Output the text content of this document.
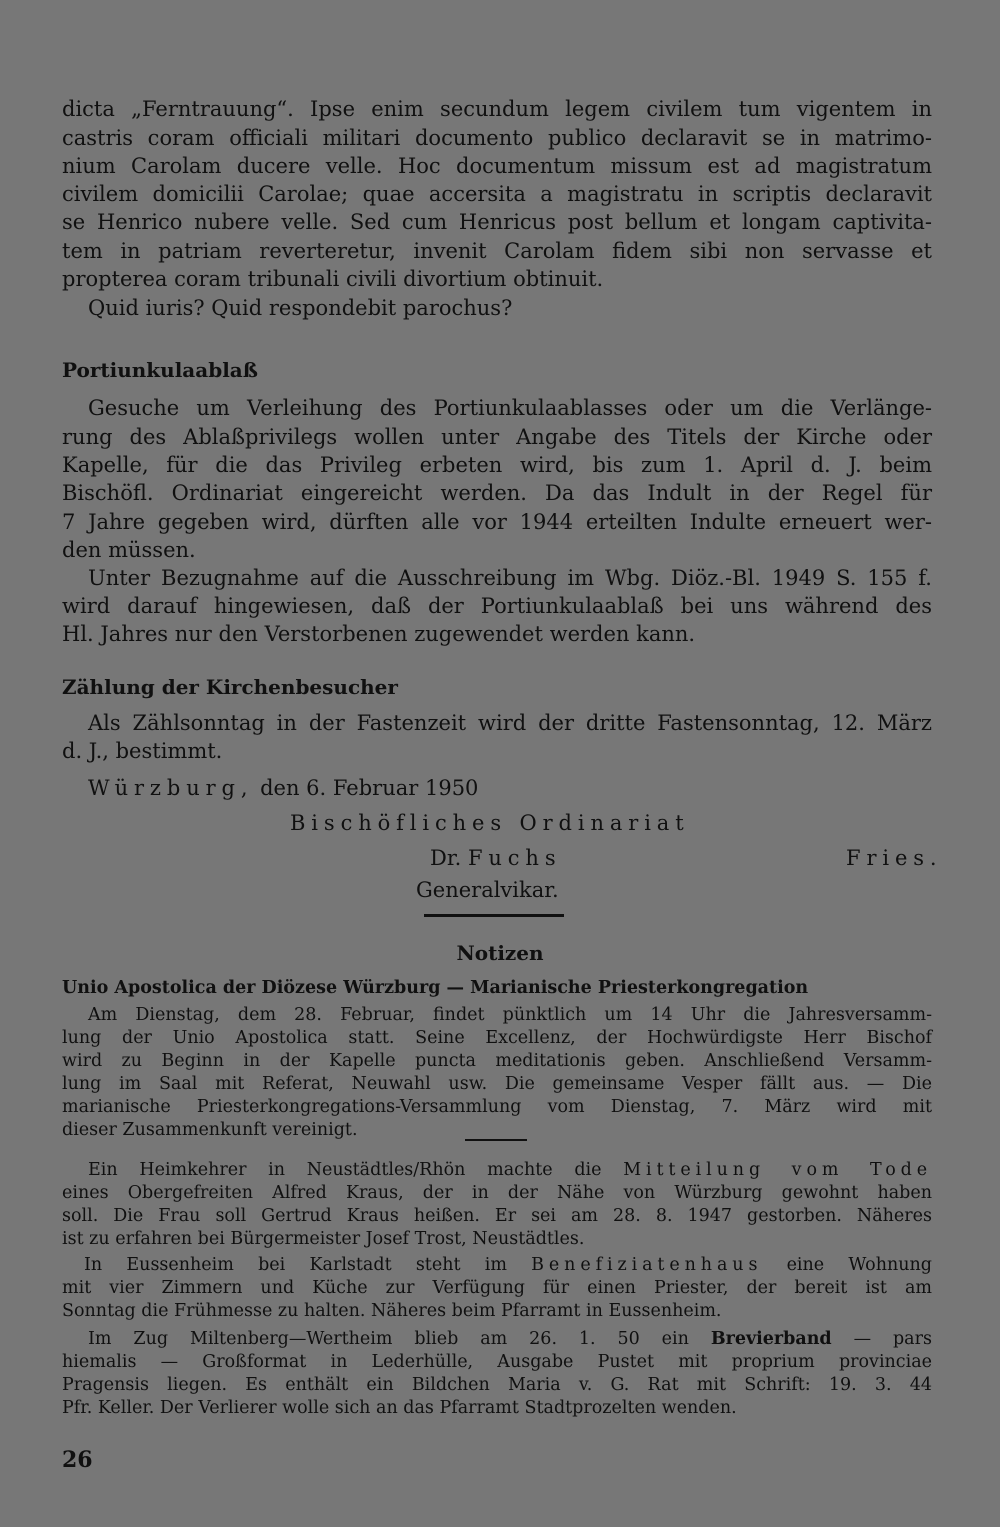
dicta „Ferntrauung“. Ipse enim secundum legem civilem tum vigentem in
castris coram officiali militari documento publico declaravit se in matrimo-
nium Carolam ducere velle. Hoc documentum missum est ad magistratum
civilem domicilii Carolae; quae accersita a magistratu in scriptis declaravit
se Henrico nubere velle. Sed cum Henricus post bellum et longam captivita-
tem in patriam reverteretur, invenit Carolam fidem sibi non servasse et
propterea coram tribunali civili divortium obtinuit.
Quid iuris? Quid respondebit parochus?
Portiunkulaablaß
Gesuche um Verleihung des Portiunkulaablasses oder um die Verlänge-
rung des Ablaßprivilegs wollen unter Angabe des Titels der Kirche oder
Kapelle, für die das Privileg erbeten wird, bis zum 1. April d. J. beim
Bischöfl. Ordinariat eingereicht werden. Da das Indult in der Regel für
7 Jahre gegeben wird, dürften alle vor 1944 erteilten Indulte erneuert wer-
den müssen.
Unter Bezugnahme auf die Ausschreibung im Wbg. Diöz.-Bl. 1949 S. 155 f.
wird darauf hingewiesen, daß der Portiunkulaablaß bei uns während des
Hl. Jahres nur den Verstorbenen zugewendet werden kann.
Zählung der Kirchenbesucher
Als Zählsonntag in der Fastenzeit wird der dritte Fastensonntag, 12. März
d. J., bestimmt.
Würzburg, den 6. Februar 1950
Bischöfliches Ordinariat
Dr. Fuchs	Fries.
Generalvikar.
Notizen
Unio Apostolica der Diözese Würzburg — Marianische Priesterkongregation
Am Dienstag, dem 28. Februar, findet pünktlich um 14 Uhr die Jahresversamm-
lung der Unio Apostolica statt. Seine Excellenz, der Hochwürdigste Herr Bischof
wird zu Beginn in der Kapelle puncta meditationis geben. Anschließend Versamm-
lung im Saal mit Referat, Neuwahl usw. Die gemeinsame Vesper fällt aus. — Die
marianische Priesterkongregations-Versammlung vom Dienstag, 7. März wird mit
dieser Zusammenkunft vereinigt.
Ein Heimkehrer in Neustädtles/Rhön machte die Mitteilung vom Tode
eines Obergefreiten Alfred Kraus, der in der Nähe von Würzburg gewohnt haben
soll. Die Frau soll Gertrud Kraus heißen. Er sei am 28. 8. 1947 gestorben. Näheres
ist zu erfahren bei Bürgermeister Josef Trost, Neustädtles.
In Eussenheim bei Karlstadt steht im Benefiziatenhaus eine Wohnung
mit vier Zimmern und Küche zur Verfügung für einen Priester, der bereit ist am
Sonntag die Frühmesse zu halten. Näheres beim Pfarramt in Eussenheim.
Im Zug Miltenberg—Wertheim blieb am 26. 1. 50 ein Brevierband — pars
hiemalis — Großformat in Lederhülle, Ausgabe Pustet mit proprium provinciae
Pragensis liegen. Es enthält ein Bildchen Maria v. G. Rat mit Schrift: 19. 3. 44
Pfr. Keller. Der Verlierer wolle sich an das Pfarramt Stadtprozelten wenden.
26
